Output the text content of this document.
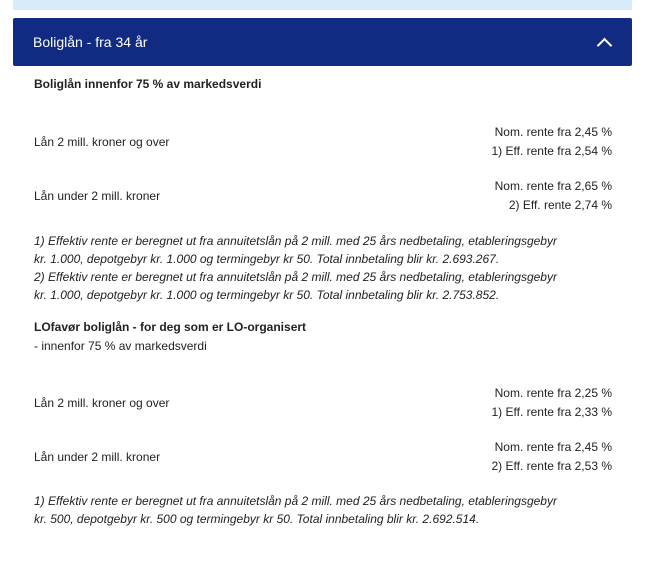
Boliglån - fra 34 år
Boliglån innenfor 75 % av markedsverdi
Lån 2 mill. kroner og over
Nom. rente fra 2,45 %
1) Eff. rente fra 2,54 %
Lån under 2 mill. kroner
Nom. rente fra 2,65 %
2) Eff. rente 2,74 %
1) Effektiv rente er beregnet ut fra annuitetslån på 2 mill. med 25 års nedbetaling, etableringsgebyr
kr. 1.000, depotgebyr kr. 1.000 og termingebyr kr 50. Total innbetaling blir kr. 2.693.267.
2) Effektiv rente er beregnet ut fra annuitetslån på 2 mill. med 25 års nedbetaling, etableringsgebyr
kr. 1.000, depotgebyr kr. 1.000 og termingebyr kr 50. Total innbetaling blir kr. 2.753.852.
LOfavør boliglån - for deg som er LO-organisert
- innenfor 75 % av markedsverdi
Lån 2 mill. kroner og over
Nom. rente fra 2,25 %
1) Eff. rente fra 2,33 %
Lån under 2 mill. kroner
Nom. rente fra 2,45 %
2) Eff. rente fra 2,53 %
1) Effektiv rente er beregnet ut fra annuitetslån på 2 mill. med 25 års nedbetaling, etableringsgebyr
kr. 500, depotgebyr kr. 500 og termingebyr kr 50. Total innbetaling blir kr. 2.692.514.
